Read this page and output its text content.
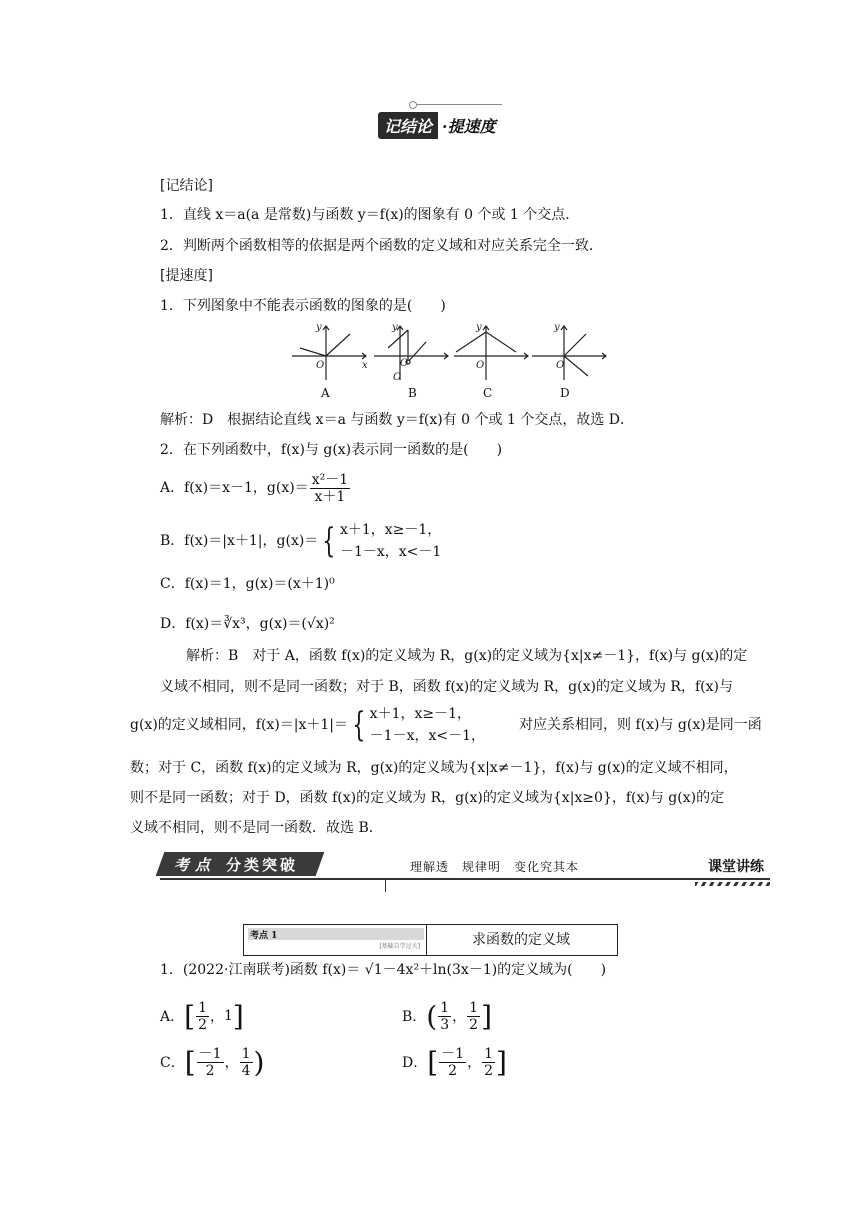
记结论 ·提速度
[记结论]
1．直线 x＝a(a 是常数)与函数 y＝f(x)的图象有 0 个或 1 个交点．
2．判断两个函数相等的依据是两个函数的定义域和对应关系完全一致．
[提速度]
1．下列图象中不能表示函数的图象的是(　　)
y
x
O
y
O
O
y
O
y
O
A	B	C	D
解析：D　根据结论直线 x＝a 与函数 y＝f(x)有 0 个或 1 个交点，故选 D．
2．在下列函数中，f(x)与 g(x)表示同一函数的是(　　)
A．f(x)＝x－1，$g(x)= \frac{\text{x²－1}}{x+1}$
B．f(x)＝|x＋1|，g(x)＝ { x＋1，x≥－1，
－1－x，x<－1
C．f(x)＝1，g(x)＝(x＋1)⁰
D．f(x)＝∛x³，g(x)＝(√x)²
解析：B　对于 A，函数 f(x)的定义域为 R，g(x)的定义域为{x|x≠－1}，f(x)与 g(x)的定
义域不相同，则不是同一函数；对于 B，函数 f(x)的定义域为 R，g(x)的定义域为 R，f(x)与
g(x)的定义域相同，f(x)＝|x＋1|＝ { x＋1，x≥－1，
－1－x，x<－1，
对应关系相同，则 f(x)与 g(x)是同一函
数；对于 C，函数 f(x)的定义域为 R，g(x)的定义域为{x|x≠－1}，f(x)与 g(x)的定义域不相同，
则不是同一函数；对于 D，函数 f(x)的定义域为 R，g(x)的定义域为{x|x≥0}，f(x)与 g(x)的定
义域不相同，则不是同一函数．故选 B．
考点 分类突破	理解透　规律明　变化究其本	课堂讲练
考点 1
[基础自学过关]	求函数的定义域
1．(2022·江南联考)函数 f(x)＝ √1－4x²＋ln(3x－1)的定义域为(　　)
A． [ $\frac{1}{2}$ ， 1 ]	B． ( $\frac{1}{3}$ ， $\frac{1}{2}$ ]
C． [ $\frac{-1}{2}$ ， $\frac{1}{4}$ )	D． [ $\frac{-1}{2}$ ， $\frac{1}{2}$ ]
